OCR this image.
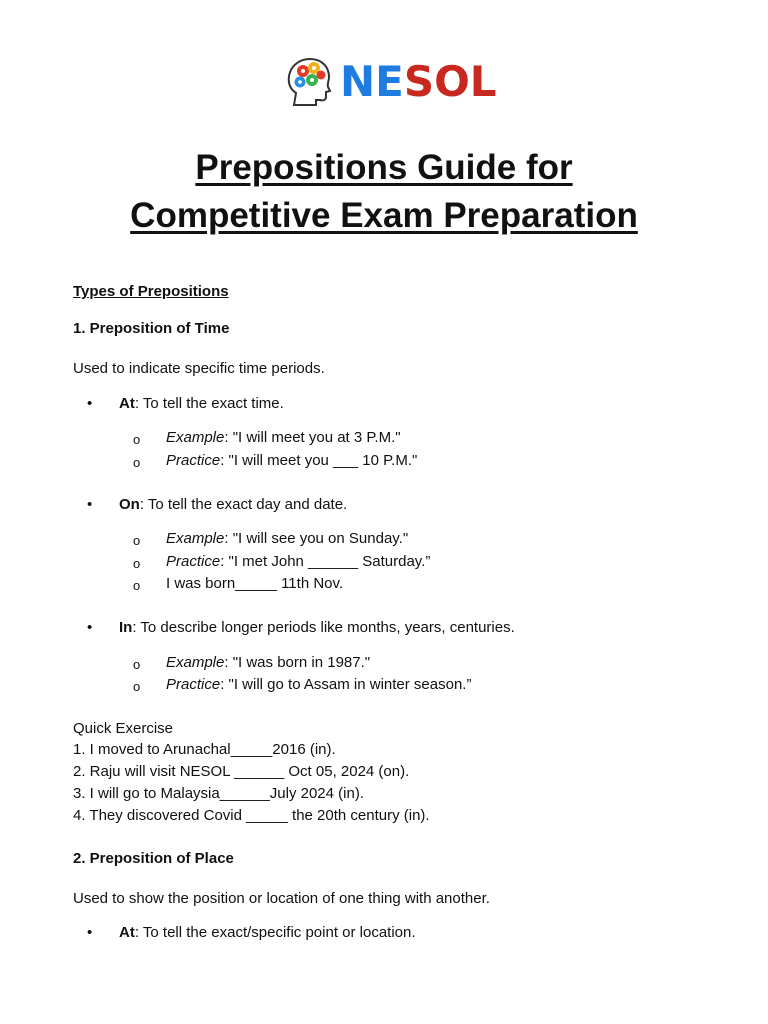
NESOL
Prepositions Guide for
Competitive Exam Preparation
Types of Prepositions
1. Preposition of Time
Used to indicate specific time periods.
• At: To tell the exact time.
o Example: "I will meet you at 3 P.M."
o Practice: "I will meet you ___ 10 P.M."
• On: To tell the exact day and date.
o Example: "I will see you on Sunday."
o Practice: "I met John ______ Saturday.”
o I was born_____ 11th Nov.
• In: To describe longer periods like months, years, centuries.
o Example: "I was born in 1987."
o Practice: "I will go to Assam in winter season.”
Quick Exercise
1. I moved to Arunachal_____2016 (in).
2. Raju will visit NESOL ______ Oct 05, 2024 (on).
3. I will go to Malaysia______July 2024 (in).
4. They discovered Covid _____ the 20th century (in).
2. Preposition of Place
Used to show the position or location of one thing with another.
• At: To tell the exact/specific point or location.
